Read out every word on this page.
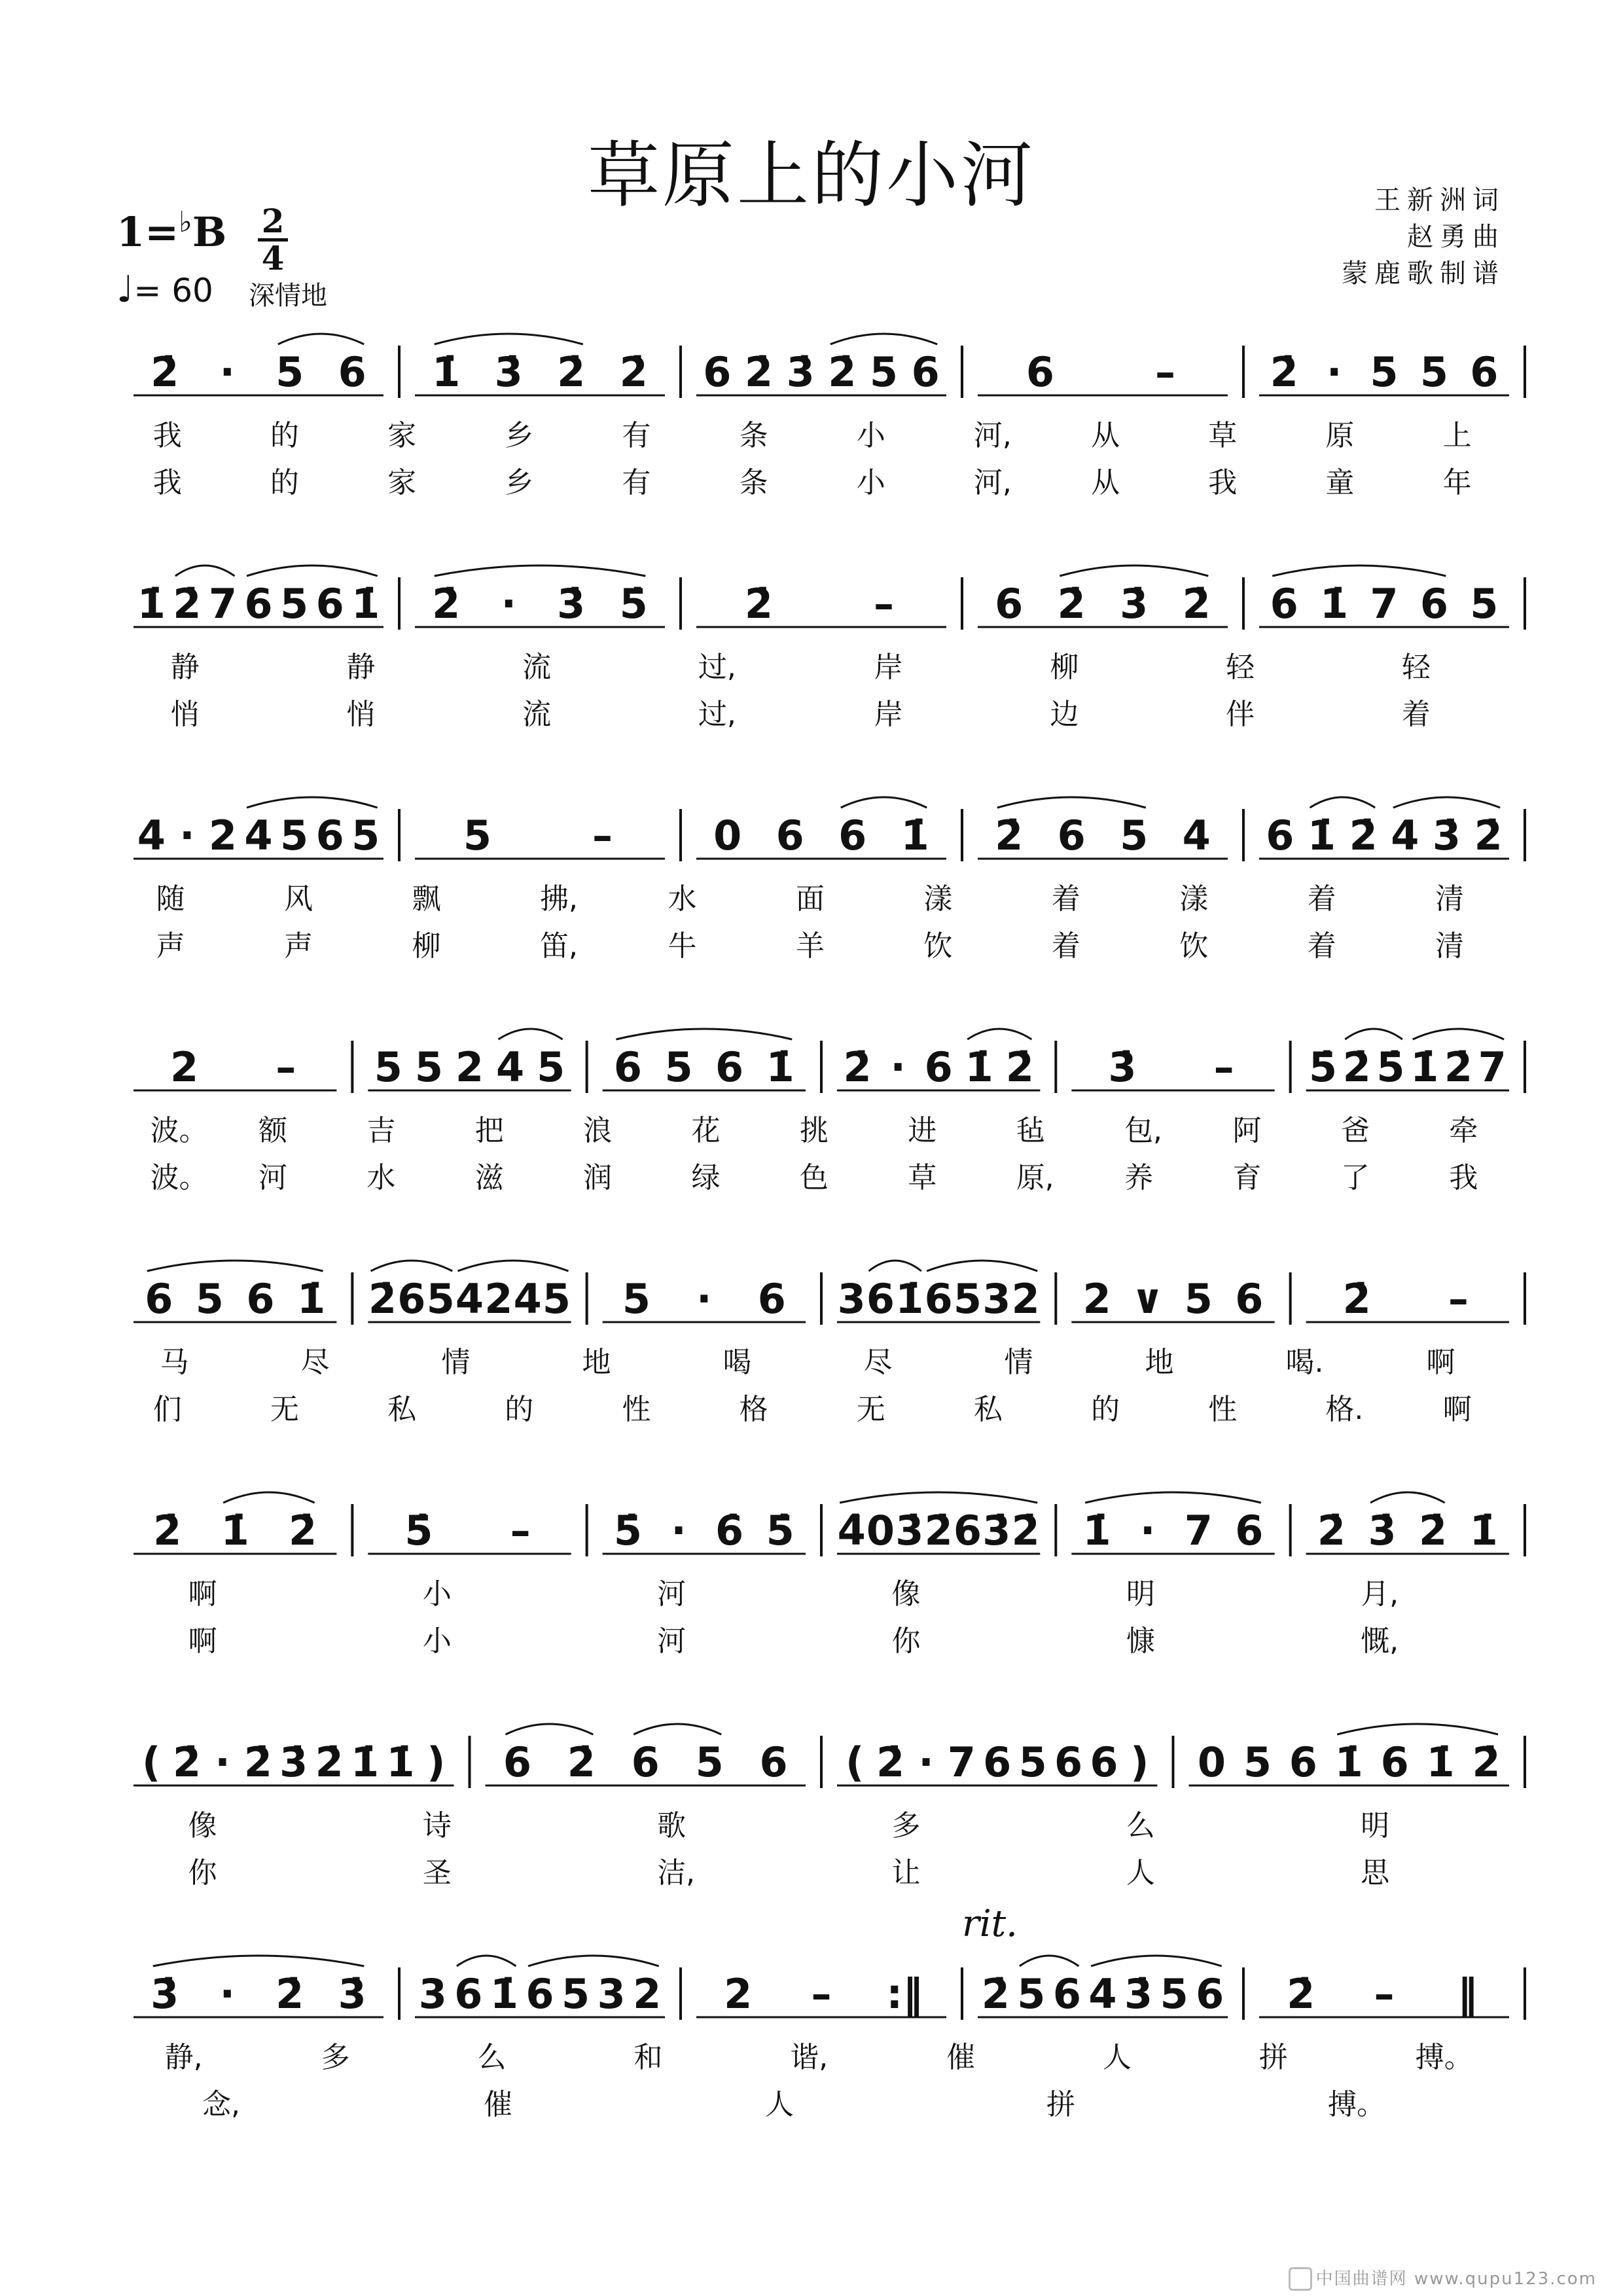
草原上的小河	王新洲词
赵勇曲
蒙鹿歌制谱
1=♭B 2
4
♩= 60 深情地
中国曲谱网 www.qupu123.com
2̇ · 5 6 1̇ 3̇ 2̇ 2̇ 6 2̇ 3̇ 2̇ 5 6 6 – 2̇ · 5 5 6
我	的	家	乡	有	条	小	河,	从	草	原	上
我	的	家	乡	有	条	小	河,	从	我	童	年
1̇ 2̇ 7 6 5 6 1̇ 2̇ · 3̇ 5̇ 2̇ – 6 2̇ 3̇ 2̇ 6 1̇ 7 6 5
静	静	流	过,	岸	柳	轻	轻
悄	悄	流	过,	岸	边	伴	着
4 · 2 4 5 6 5 5 – 0 6 6 1̇ 2̇ 6 5 4 6 1̇ 2̇ 4 3̇ 2̇
随	风	飘	拂,	水	面	漾	着	漾	着	清
声	声	柳	笛,	牛	羊	饮	着	饮	着	清
2 – 5 5 2 4 5 6 5 6 1̇ 2̇ · 6 1̇ 2̇ 3̇ – 5̇ 2̇ 5̇ 1̇ 2̇ 7
波。 额	吉	把	浪	花	挑	进	毡	包, 阿	爸	牵
波。 河	水	滋	润	绿	色	草	原, 养	育	了	我
6 5 6 1̇ 2̇ 6 5 4 2 4 5 5 · 6 3 6 1̇ 6 5 3 2 2 ∨ 5 6 2̇ –
马	尽	情	地	喝	尽	情	地	喝.	啊
们	无	私	的	性	格	无	私	的	性	格.	啊
2̇ 1̇ 2̇ 5̇ – 5̇ · 6̇ 5̇ 4̇ 0 3̇ 2̇ 6 3̇ 2̇ 1̇ · 7 6 2̇ 3̇ 2̇ 1̇
啊	小	河	像	明	月,
啊	小	河	你	慷	慨,
( 2̇ · 2̇ 3̇ 2̇ 1̇ 1̇ ) 6 2̇ 6 5 6 ( 2̇ · 7 6 5 6 6 ) 0 5 6 1̇ 6 1̇ 2̇
像	诗	歌	多	么	明
你	圣	洁,	让	人	思
3̇ · 2̇ 3̇ 3 6 1̇ 6 5 3 2 2 – :‖ 2̇ 5 6 4 3̇ 5 6 2̇ – ‖
静,	多	么	和	谐,	催	人	拼	搏。
念,	催	人	拼	搏。
rit.
